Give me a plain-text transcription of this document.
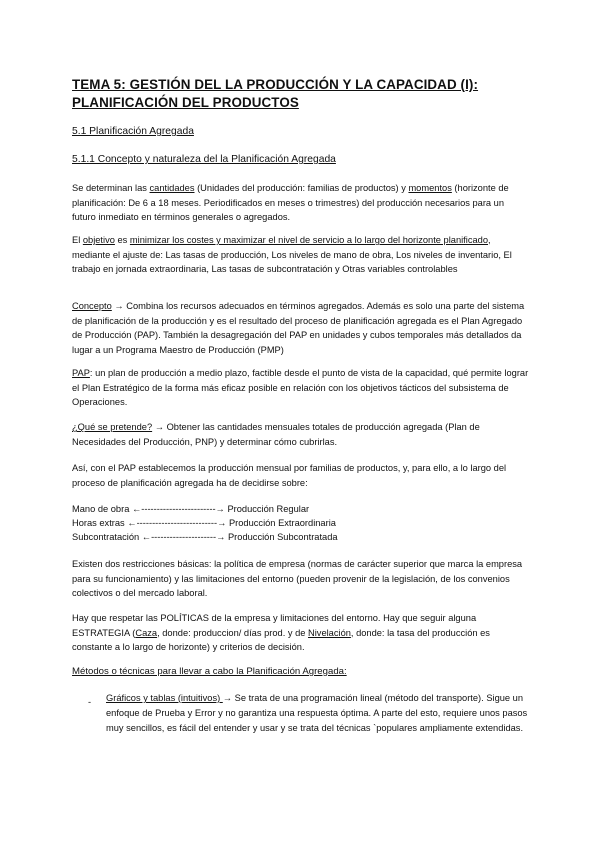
TEMA 5: GESTIÓN DEL LA PRODUCCIÓN Y LA CAPACIDAD (I): PLANIFICACIÓN DEL PRODUCTOS
5.1 Planificación Agregada
5.1.1 Concepto y naturaleza del la Planificación Agregada
Se determinan las cantidades (Unidades del producción: familias de productos) y momentos (horizonte de planificación: De 6 a 18 meses. Periodificados en meses o trimestres) del producción necesarios para un futuro inmediato en términos generales o agregados.
El objetivo es minimizar los costes y maximizar el nivel de servicio a lo largo del horizonte planificado, mediante el ajuste de: Las tasas de producción, Los niveles de mano de obra, Los niveles de inventario, El trabajo en jornada extraordinaria, Las tasas de subcontratación y Otras variables controlables
Concepto → Combina los recursos adecuados en términos agregados. Además es solo una parte del sistema de planificación de la producción y es el resultado del proceso de planificación agregada es el Plan Agregado de Producción (PAP). También la desagregación del PAP en unidades y cubos temporales más detallados da lugar a un Programa Maestro de Producción (PMP)
PAP: un plan de producción a medio plazo, factible desde el punto de vista de la capacidad, qué permite lograr el Plan Estratégico de la forma más eficaz posible en relación con los objetivos tácticos del subsistema de Operaciones.
¿Qué se pretende? → Obtener las cantidades mensuales totales de producción agregada (Plan de Necesidades del Producción, PNP) y determinar cómo cubrirlas.
Así, con el PAP establecemos la producción mensual por familias de productos, y, para ello, a lo largo del proceso de planificación agregada ha de decidirse sobre:
Mano de obra ←------------------------→ Producción Regular
Horas extras ←--------------------------→ Producción Extraordinaria
Subcontratación ←---------------------→ Producción Subcontratada
Existen dos restricciones básicas: la política de empresa (normas de carácter superior que marca la empresa para su funcionamiento) y las limitaciones del entorno (pueden provenir de la legislación, de los convenios colectivos o del mercado laboral.
Hay que respetar las POLÍTICAS de la empresa y limitaciones del entorno. Hay que seguir alguna ESTRATEGIA (Caza, donde: produccion/ días prod. y de Nivelación, donde: la tasa del producción es constante a lo largo de horizonte) y criterios de decisión.
Métodos o técnicas para llevar a cabo la Planificación Agregada:
- Gráficos y tablas (intuitivos) → Se trata de una programación lineal (método del transporte). Sigue un enfoque de Prueba y Error y no garantiza una respuesta óptima. A parte del esto, requiere unos pasos muy sencillos, es fácil del entender y usar y se trata del técnicas `populares ampliamente extendidas.
